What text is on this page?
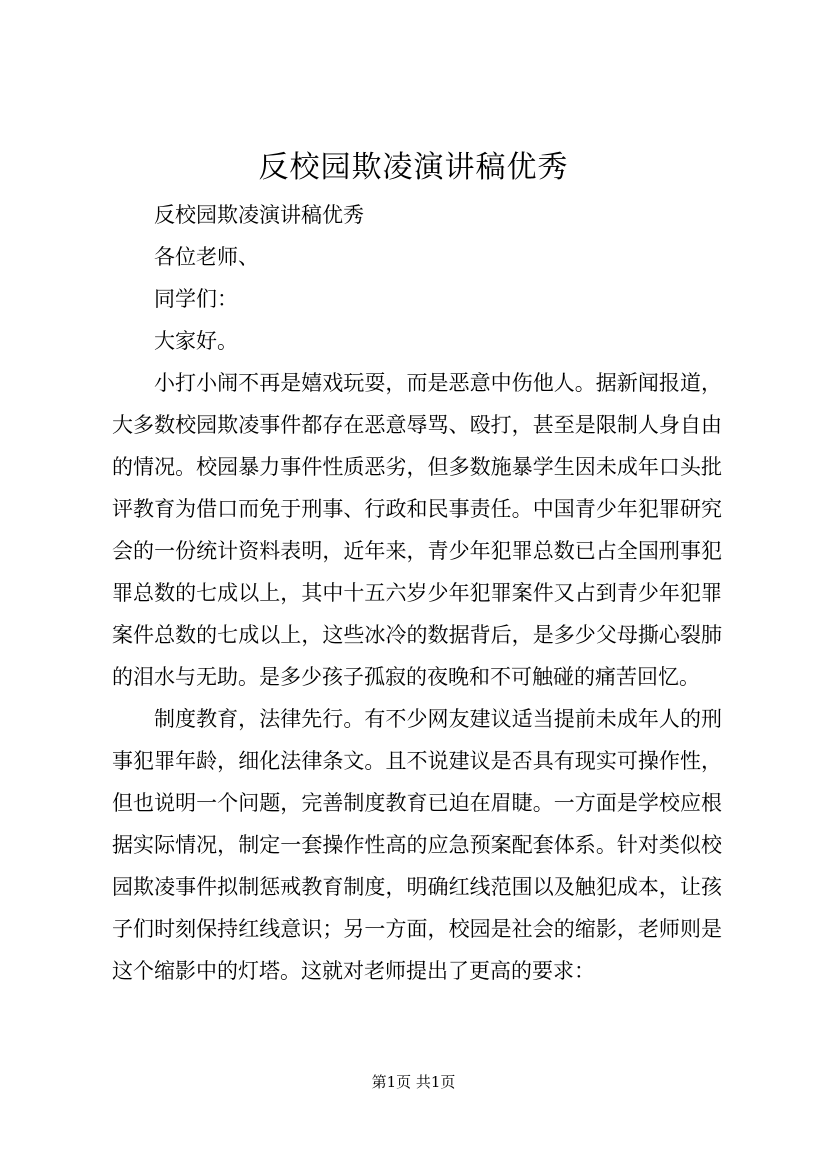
反校园欺凌演讲稿优秀

反校园欺凌演讲稿优秀

各位老师、

同学们：

大家好。

小打小闹不再是嬉戏玩耍，而是恶意中伤他人。据新闻报道，大多数校园欺凌事件都存在恶意辱骂、殴打，甚至是限制人身自由的情况。校园暴力事件性质恶劣，但多数施暴学生因未成年口头批评教育为借口而免于刑事、行政和民事责任。中国青少年犯罪研究会的一份统计资料表明，近年来，青少年犯罪总数已占全国刑事犯罪总数的七成以上，其中十五六岁少年犯罪案件又占到青少年犯罪案件总数的七成以上，这些冰冷的数据背后，是多少父母撕心裂肺的泪水与无助。是多少孩子孤寂的夜晚和不可触碰的痛苦回忆。

制度教育，法律先行。有不少网友建议适当提前未成年人的刑事犯罪年龄，细化法律条文。且不说建议是否具有现实可操作性，但也说明一个问题，完善制度教育已迫在眉睫。一方面是学校应根据实际情况，制定一套操作性高的应急预案配套体系。针对类似校园欺凌事件拟制惩戒教育制度，明确红线范围以及触犯成本，让孩子们时刻保持红线意识；另一方面，校园是社会的缩影，老师则是这个缩影中的灯塔。这就对老师提出了更高的要求：

第1页 共1页
